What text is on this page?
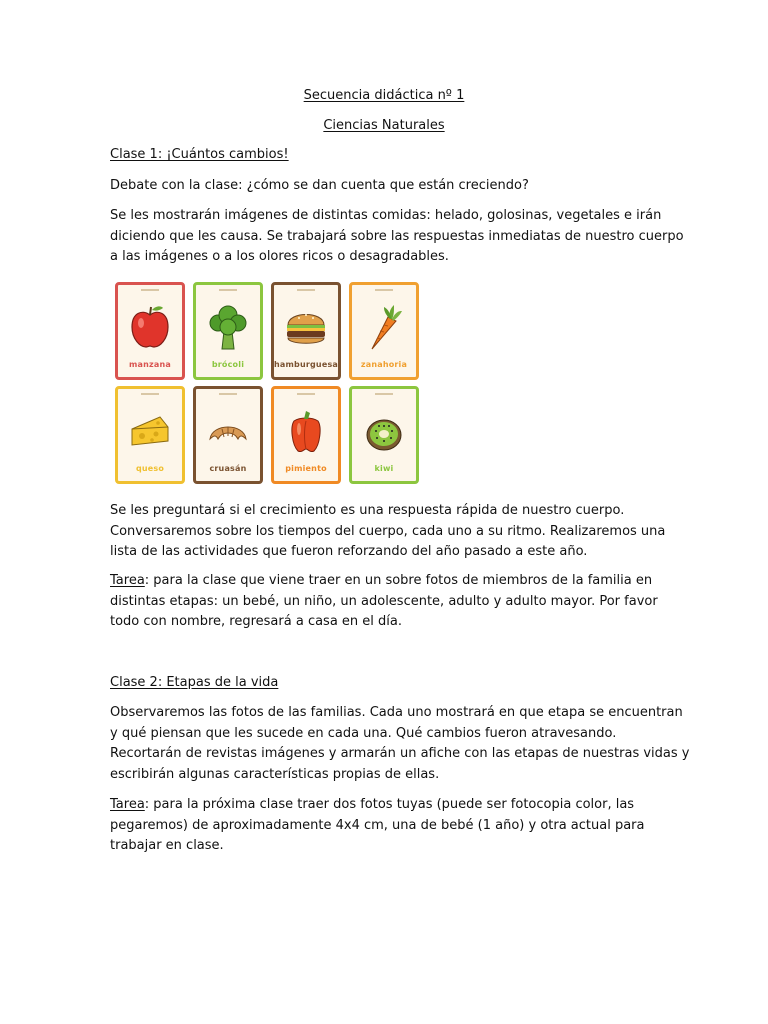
Secuencia didáctica nº 1
Ciencias Naturales
Clase 1: ¡Cuántos cambios!
Debate con la clase: ¿cómo se dan cuenta que están creciendo?
Se les mostrarán imágenes de distintas comidas: helado, golosinas, vegetales e irán
diciendo que les causa. Se trabajará sobre las respuestas inmediatas de nuestro cuerpo
a las imágenes o a los olores ricos o desagradables.
manzana	brócoli	hamburguesa	zanahoria
queso	cruasán	pimiento	kiwi
Se les preguntará si el crecimiento es una respuesta rápida de nuestro cuerpo.
Conversaremos sobre los tiempos del cuerpo, cada uno a su ritmo. Realizaremos una
lista de las actividades que fueron reforzando del año pasado a este año.
Tarea: para la clase que viene traer en un sobre fotos de miembros de la familia en
distintas etapas: un bebé, un niño, un adolescente, adulto y adulto mayor. Por favor
todo con nombre, regresará a casa en el día.
Clase 2: Etapas de la vida
Observaremos las fotos de las familias. Cada uno mostrará en que etapa se encuentran
y qué piensan que les sucede en cada una. Qué cambios fueron atravesando.
Recortarán de revistas imágenes y armarán un afiche con las etapas de nuestras vidas y
escribirán algunas características propias de ellas.
Tarea: para la próxima clase traer dos fotos tuyas (puede ser fotocopia color, las
pegaremos) de aproximadamente 4x4 cm, una de bebé (1 año) y otra actual para
trabajar en clase.
